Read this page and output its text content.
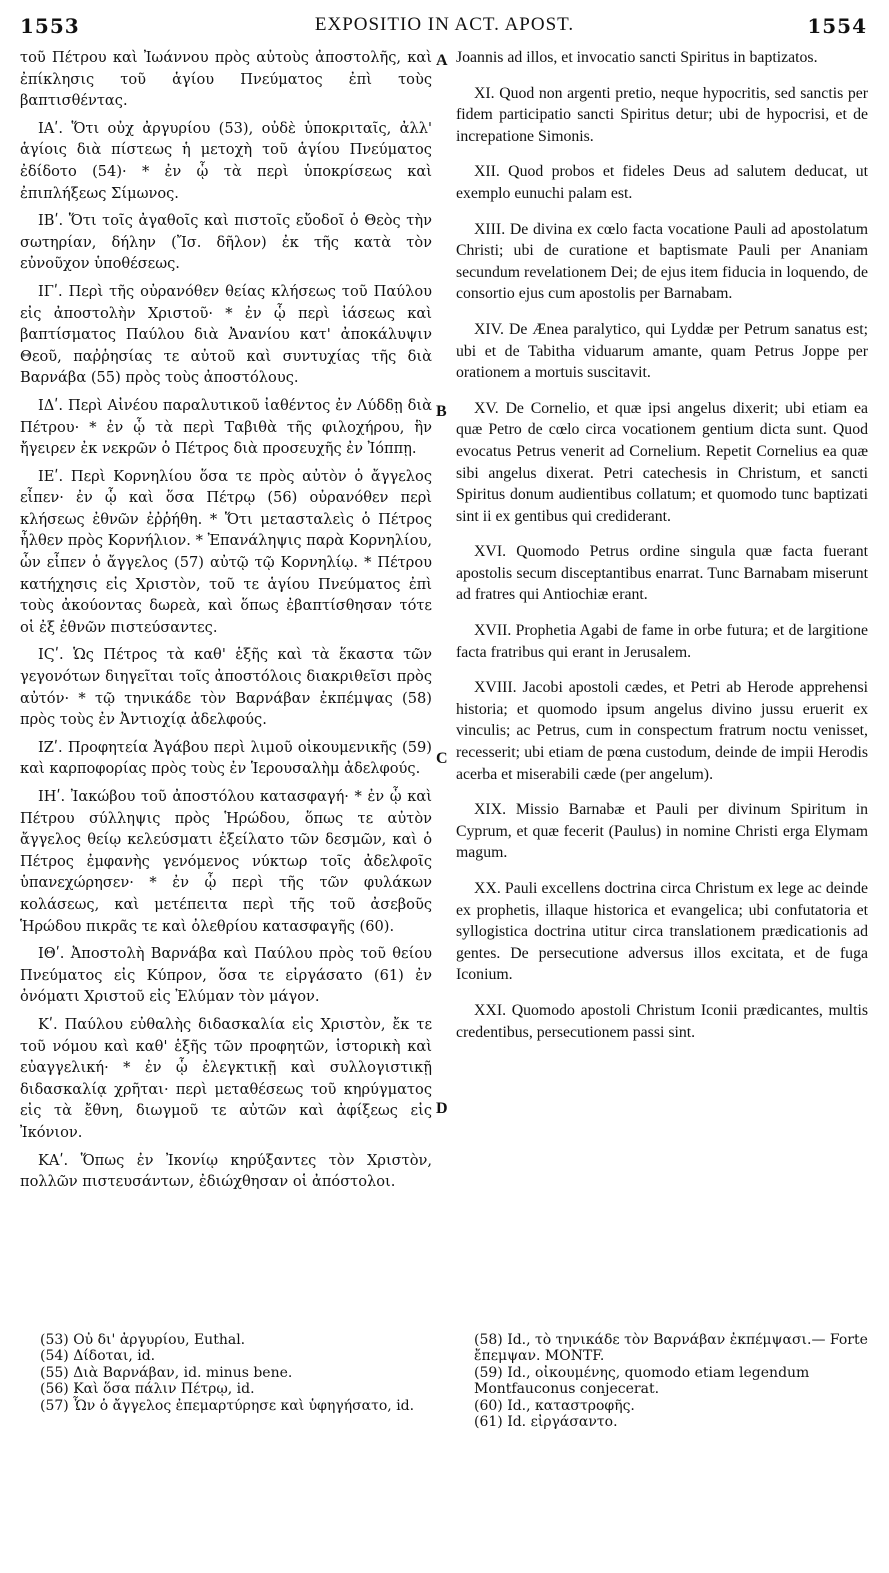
1553	EXPOSITIO IN ACT. APOST.	1554

τοῦ Πέτρου καὶ Ἰωάννου πρὸς αὐτοὺς ἀποστολῆς, καὶ ἐπίκλησις τοῦ ἁγίου Πνεύματος ἐπὶ τοὺς βαπτισθέντας.

ΙΑʹ. Ὅτι οὐχ ἀργυρίου (53), οὐδὲ ὑποκριταῖς, ἀλλ' ἁγίοις διὰ πίστεως ἡ μετοχὴ τοῦ ἁγίου Πνεύματος ἐδίδοτο (54)· * ἐν ᾧ τὰ περὶ ὑποκρίσεως καὶ ἐπιπλήξεως Σίμωνος.

ΙΒʹ. Ὅτι τοῖς ἀγαθοῖς καὶ πιστοῖς εὔοδοῖ ὁ Θεὸς τὴν σωτηρίαν, δήλην (Ἴσ. δῆλον) ἐκ τῆς κατὰ τὸν εὐνοῦχον ὑποθέσεως.

ΙΓʹ. Περὶ τῆς οὐρανόθεν θείας κλήσεως τοῦ Παύλου εἰς ἀποστολὴν Χριστοῦ· * ἐν ᾧ περὶ ἰάσεως καὶ βαπτίσματος Παύλου διὰ Ἀνανίου κατ' ἀποκάλυψιν Θεοῦ, παῤῥησίας τε αὐτοῦ καὶ συντυχίας τῆς διὰ Βαρνάβα (55) πρὸς τοὺς ἀποστόλους.

ΙΔʹ. Περὶ Αἰνέου παραλυτικοῦ ἰαθέντος ἐν Λύδδῃ διὰ Πέτρου· * ἐν ᾧ τὰ περὶ Ταβιθὰ τῆς φιλοχήρου, ἣν ἤγειρεν ἐκ νεκρῶν ὁ Πέτρος διὰ προσευχῆς ἐν Ἰόππῃ.

ΙΕʹ. Περὶ Κορνηλίου ὅσα τε πρὸς αὐτὸν ὁ ἄγγελος εἶπεν· ἐν ᾧ καὶ ὅσα Πέτρῳ (56) οὐρανόθεν περὶ κλήσεως ἐθνῶν ἐῤῥήθη. * Ὅτι μετασταλεὶς ὁ Πέτρος ἦλθεν πρὸς Κορνήλιον. * Ἐπανάληψις παρὰ Κορνηλίου, ὧν εἶπεν ὁ ἄγγελος (57) αὐτῷ τῷ Κορνηλίῳ. * Πέτρου κατήχησις εἰς Χριστὸν, τοῦ τε ἁγίου Πνεύματος ἐπὶ τοὺς ἀκούοντας δωρεὰ, καὶ ὅπως ἐβαπτίσθησαν τότε οἱ ἐξ ἐθνῶν πιστεύσαντες.

ΙϚʹ. Ὡς Πέτρος τὰ καθ' ἑξῆς καὶ τὰ ἕκαστα τῶν γεγονότων διηγεῖται τοῖς ἀποστόλοις διακριθεῖσι πρὸς αὐτόν· * τῷ τηνικάδε τὸν Βαρνάβαν ἐκπέμψας (58) πρὸς τοὺς ἐν Ἀντιοχίᾳ ἀδελφούς.

ΙΖʹ. Προφητεία Ἀγάβου περὶ λιμοῦ οἰκουμενικῆς (59) καὶ καρποφορίας πρὸς τοὺς ἐν Ἱερουσαλὴμ ἀδελφούς.

ΙΗʹ. Ἰακώβου τοῦ ἀποστόλου κατασφαγή· * ἐν ᾧ καὶ Πέτρου σύλληψις πρὸς Ἡρώδου, ὅπως τε αὐτὸν ἄγγελος θείῳ κελεύσματι ἐξείλατο τῶν δεσμῶν, καὶ ὁ Πέτρος ἐμφανὴς γενόμενος νύκτωρ τοῖς ἀδελφοῖς ὑπανεχώρησεν· * ἐν ᾧ περὶ τῆς τῶν φυλάκων κολάσεως, καὶ μετέπειτα περὶ τῆς τοῦ ἀσεβοῦς Ἡρώδου πικρᾶς τε καὶ ὀλεθρίου κατασφαγῆς (60).

ΙΘʹ. Ἀποστολὴ Βαρνάβα καὶ Παύλου πρὸς τοῦ θείου Πνεύματος εἰς Κύπρον, ὅσα τε εἰργάσατο (61) ἐν ὀνόματι Χριστοῦ εἰς Ἐλύμαν τὸν μάγον.

Κʹ. Παύλου εὐθαλὴς διδασκαλία εἰς Χριστὸν, ἔκ τε τοῦ νόμου καὶ καθ' ἑξῆς τῶν προφητῶν, ἱστορικὴ καὶ εὐαγγελική· * ἐν ᾧ ἐλεγκτικῇ καὶ συλλογιστικῇ διδασκαλίᾳ χρῆται· περὶ μεταθέσεως τοῦ κηρύγματος εἰς τὰ ἔθνη, διωγμοῦ τε αὐτῶν καὶ ἀφίξεως εἰς Ἰκόνιον.

ΚΑʹ. Ὅπως ἐν Ἰκονίῳ κηρύξαντες τὸν Χριστὸν, πολλῶν πιστευσάντων, ἐδιώχθησαν οἱ ἀπόστολοι.

A
B
C
D

Joannis ad illos, et invocatio sancti Spiritus in baptizatos.

XI. Quod non argenti pretio, neque hypocritis, sed sanctis per fidem participatio sancti Spiritus detur; ubi de hypocrisi, et de increpatione Simonis.

XII. Quod probos et fideles Deus ad salutem deducat, ut exemplo eunuchi palam est.

XIII. De divina ex cœlo facta vocatione Pauli ad apostolatum Christi; ubi de curatione et baptismate Pauli per Ananiam secundum revelationem Dei; de ejus item fiducia in loquendo, de consortio ejus cum apostolis per Barnabam.

XIV. De Ænea paralytico, qui Lyddæ per Petrum sanatus est; ubi et de Tabitha viduarum amante, quam Petrus Joppe per orationem a mortuis suscitavit.

XV. De Cornelio, et quæ ipsi angelus dixerit; ubi etiam ea quæ Petro de cœlo circa vocationem gentium dicta sunt. Quod evocatus Petrus venerit ad Cornelium. Repetit Cornelius ea quæ sibi angelus dixerat. Petri catechesis in Christum, et sancti Spiritus donum audientibus collatum; et quomodo tunc baptizati sint ii ex gentibus qui crediderant.

XVI. Quomodo Petrus ordine singula quæ facta fuerant apostolis secum disceptantibus enarrat. Tunc Barnabam miserunt ad fratres qui Antiochiæ erant.

XVII. Prophetia Agabi de fame in orbe futura; et de largitione facta fratribus qui erant in Jerusalem.

XVIII. Jacobi apostoli cædes, et Petri ab Herode apprehensi historia; et quomodo ipsum angelus divino jussu eruerit ex vinculis; ac Petrus, cum in conspectum fratrum noctu venisset, recesserit; ubi etiam de pœna custodum, deinde de impii Herodis acerba et miserabili cæde (per angelum).

XIX. Missio Barnabæ et Pauli per divinum Spiritum in Cyprum, et quæ fecerit (Paulus) in nomine Christi erga Elymam magum.

XX. Pauli excellens doctrina circa Christum ex lege ac deinde ex prophetis, illaque historica et evangelica; ubi confutatoria et syllogistica doctrina utitur circa translationem prædicationis ad gentes. De persecutione adversus illos excitata, et de fuga Iconium.

XXI. Quomodo apostoli Christum Iconii prædicantes, multis credentibus, persecutionem passi sint.

(53) Οὐ δι' ἀργυρίου, Euthal.
(54) Δίδοται, id.
(55) Διὰ Βαρνάβαν, id. minus bene.
(56) Καὶ ὅσα πάλιν Πέτρῳ, id.
(57) Ὧν ὁ ἄγγελος ἐπεμαρτύρησε καὶ ὑφηγήσατο, id.
(58) Id., τὸ τηνικάδε τὸν Βαρνάβαν ἐκπέμψασι.— Forte ἔπεμψαν. MONTF.
(59) Id., οἰκουμένης, quomodo etiam legendum Montfauconus conjecerat.
(60) Id., καταστροφῆς.
(61) Id. εἰργάσαντο.
